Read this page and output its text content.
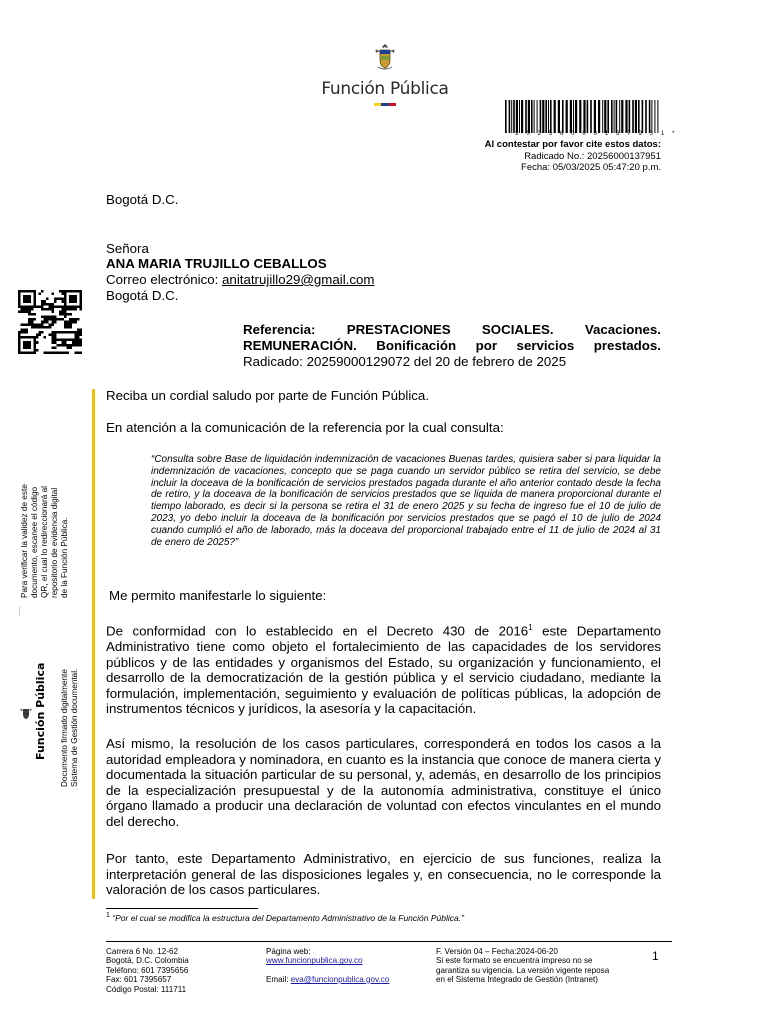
Función Pública
* 2 0 2 5 6 0 0 0 1 3 7 9 5 1 *
Al contestar por favor cite estos datos:
Radicado No.: 20256000137951
Fecha: 05/03/2025 05:47:20 p.m.
Para verificar la validez de este documento, escanee el código QR, el cual lo redireccionará al repositorio de evidencia digital de la Función Pública.
Función Pública Documento firmado digitalmente Sistema de Gestión documental.
Bogotá D.C.
Señora
ANA MARIA TRUJILLO CEBALLOS
Correo electrónico: anitatrujillo29@gmail.com
Bogotá D.C.
Referencia: PRESTACIONES SOCIALES. Vacaciones.
REMUNERACIÓN. Bonificación por servicios prestados.
Radicado: 20259000129072 del 20 de febrero de 2025
Reciba un cordial saludo por parte de Función Pública.
En atención a la comunicación de la referencia por la cual consulta:
“Consulta sobre Base de liquidación indemnización de vacaciones Buenas tardes, quisiera saber si para liquidar la indemnización de vacaciones, concepto que se paga cuando un servidor público se retira del servicio, se debe incluir la doceava de la bonificación de servicios prestados pagada durante el año anterior contado desde la fecha de retiro, y la doceava de la bonificación de servicios prestados que se liquida de manera proporcional durante el tiempo laborado, es decir si la persona se retira el 31 de enero 2025 y su fecha de ingreso fue el 10 de julio de 2023, yo debo incluir la doceava de la bonificación por servicios prestados que se pagó el 10 de julio de 2024 cuando cumplió el año de laborado, más la doceava del proporcional trabajado entre el 11 de julio de 2024 al 31 de enero de 2025?”
Me permito manifestarle lo siguiente:
De conformidad con lo establecido en el Decreto 430 de 2016$^1$ este Departamento Administrativo tiene como objeto el fortalecimiento de las capacidades de los servidores públicos y de las entidades y organismos del Estado, su organización y funcionamiento, el desarrollo de la democratización de la gestión pública y el servicio ciudadano, mediante la formulación, implementación, seguimiento y evaluación de políticas públicas, la adopción de instrumentos técnicos y jurídicos, la asesoría y la capacitación.
Así mismo, la resolución de los casos particulares, corresponderá en todos los casos a la autoridad empleadora y nominadora, en cuanto es la instancia que conoce de manera cierta y documentada la situación particular de su personal, y, además, en desarrollo de los principios de la especialización presupuestal y de la autonomía administrativa, constituye el único órgano llamado a producir una declaración de voluntad con efectos vinculantes en el mundo del derecho.
Por tanto, este Departamento Administrativo, en ejercicio de sus funciones, realiza la interpretación general de las disposiciones legales y, en consecuencia, no le corresponde la valoración de los casos particulares.
$^1$ “Por el cual se modifica la estructura del Departamento Administrativo de la Función Pública.”
Carrera 6 No. 12-62
Bogotá, D.C. Colombia
Teléfono: 601 7395656
Fax: 601 7395657
Código Postal: 111711
Página web:
www.funcionpublica.gov.co
Email: eva@funcionpublica.gov.co
F. Versión 04 – Fecha:2024-06-20
Si este formato se encuentra impreso no se
garantiza su vigencia. La versión vigente reposa
en el Sistema Integrado de Gestión (Intranet)
1
